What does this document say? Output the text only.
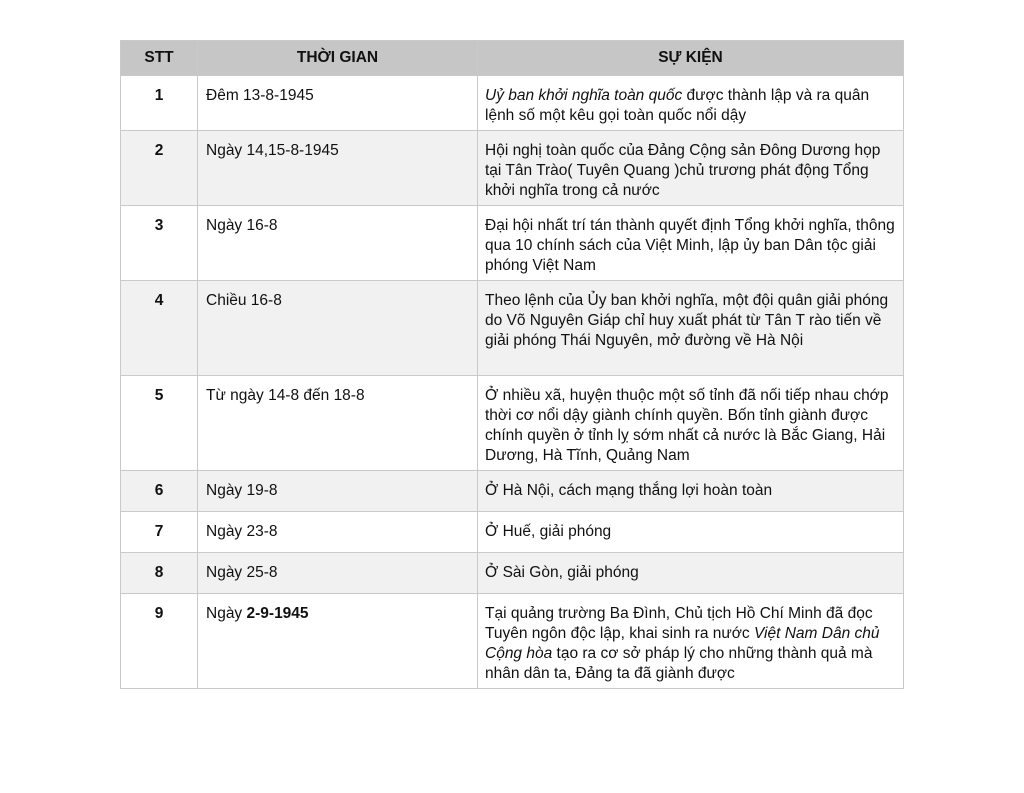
STT	THỜI GIAN	SỰ KIỆN
1	Đêm 13-8-1945	Uỷ ban khởi nghĩa toàn quốc được thành lập và ra quân lệnh số một kêu gọi toàn quốc nổi dậy
2	Ngày 14,15-8-1945	Hội nghị toàn quốc của Đảng Cộng sản Đông Dương họp tại Tân Trào( Tuyên Quang )chủ trương phát động Tổng khởi nghĩa trong cả nước
3	Ngày 16-8	Đại hội nhất trí tán thành quyết định Tổng khởi nghĩa, thông qua 10 chính sách của Việt Minh, lập ủy ban Dân tộc giải phóng Việt Nam
4	Chiều 16-8	Theo lệnh của Ủy ban khởi nghĩa, một đội quân giải phóng do Võ Nguyên Giáp chỉ huy xuất phát từ Tân T rào tiến về giải phóng Thái Nguyên, mở đường về Hà Nội
5	Từ ngày 14-8 đến 18-8	Ở nhiều xã, huyện thuộc một số tỉnh đã nối tiếp nhau chớp thời cơ nổi dậy giành chính quyền. Bốn tỉnh giành được chính quyền ở tỉnh lỵ sớm nhất cả nước là Bắc Giang, Hải Dương, Hà Tĩnh, Quảng Nam
6	Ngày 19-8	Ở Hà Nội, cách mạng thắng lợi hoàn toàn
7	Ngày 23-8	Ở Huế, giải phóng
8	Ngày 25-8	Ở Sài Gòn, giải phóng
9	Ngày 2-9-1945	Tại quảng trường Ba Đình, Chủ tịch Hồ Chí Minh đã đọc Tuyên ngôn độc lập, khai sinh ra nước Việt Nam Dân chủ Cộng hòa tạo ra cơ sở pháp lý cho những thành quả mà nhân dân ta, Đảng ta đã giành được
